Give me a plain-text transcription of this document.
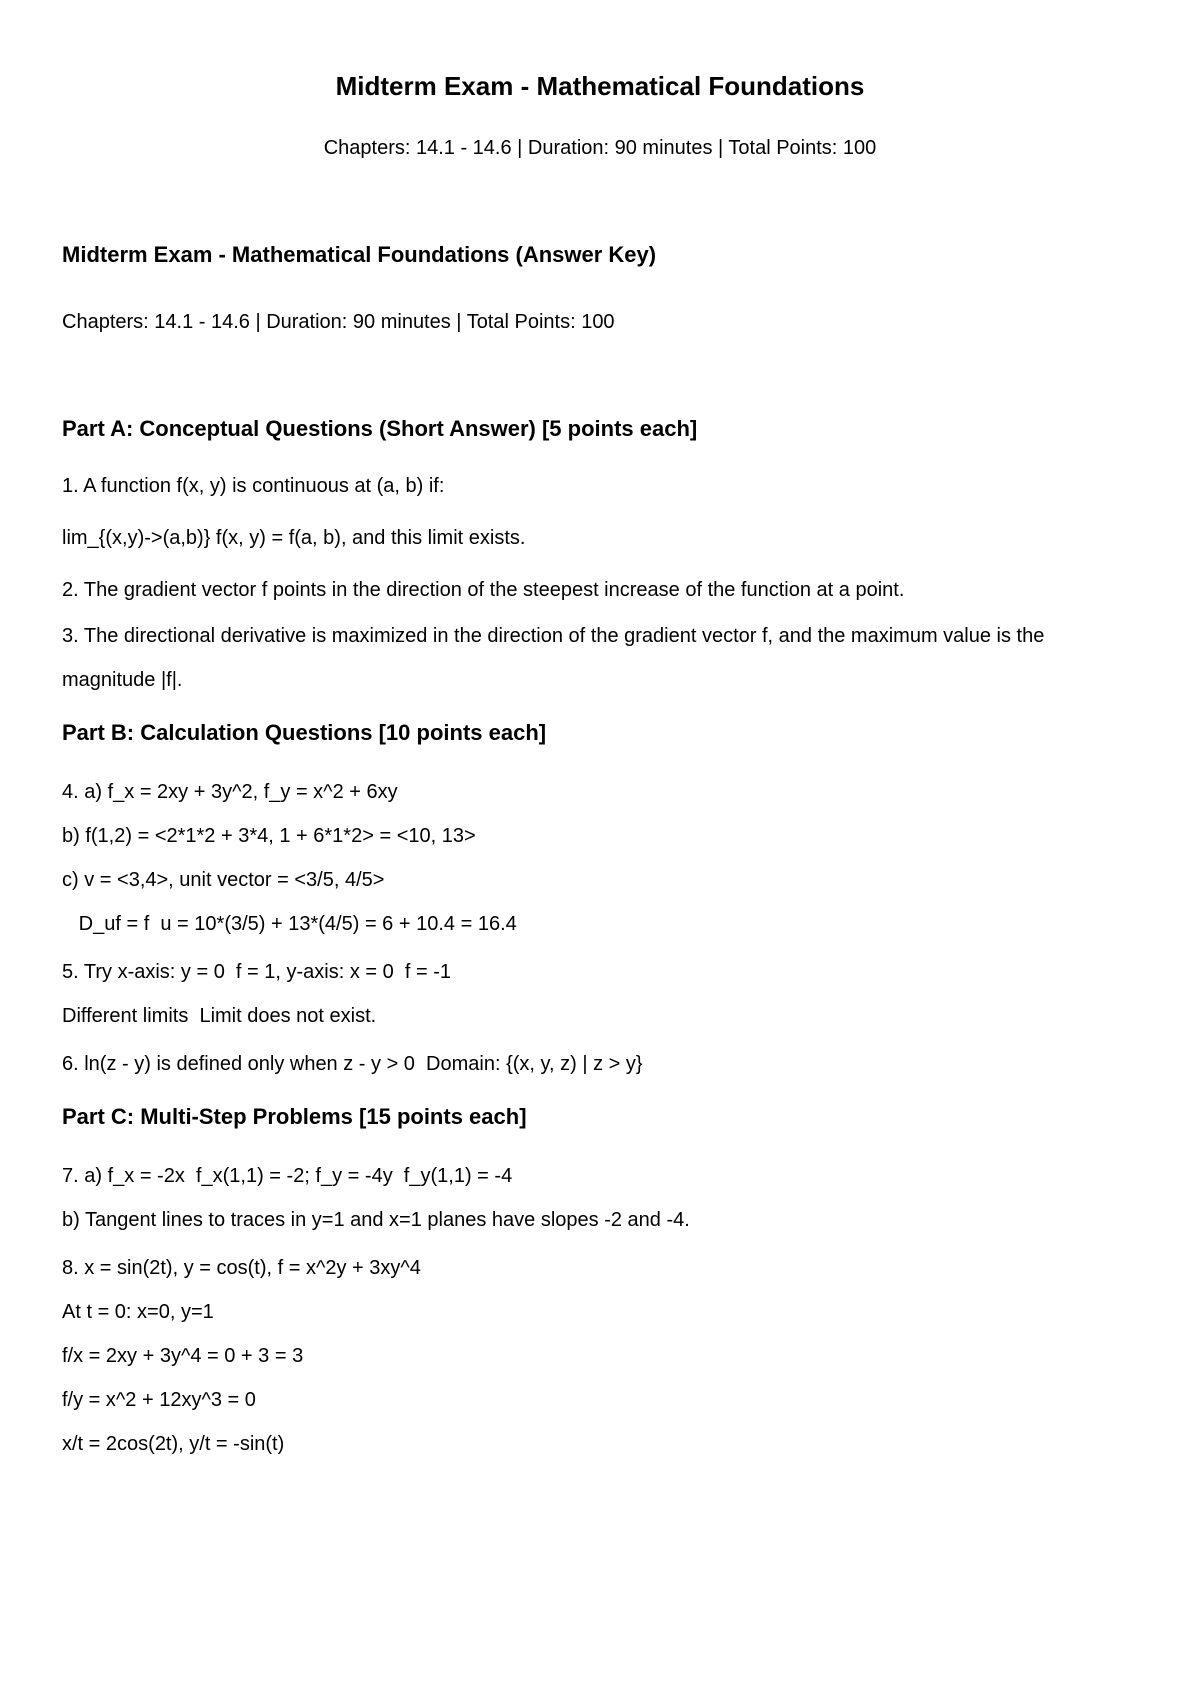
Midterm Exam - Mathematical Foundations

Chapters: 14.1 - 14.6 | Duration: 90 minutes | Total Points: 100

Midterm Exam - Mathematical Foundations (Answer Key)

Chapters: 14.1 - 14.6 | Duration: 90 minutes | Total Points: 100

Part A: Conceptual Questions (Short Answer) [5 points each]

1. A function f(x, y) is continuous at (a, b) if:

lim_{(x,y)->(a,b)} f(x, y) = f(a, b), and this limit exists.

2. The gradient vector f points in the direction of the steepest increase of the function at a point.

3. The directional derivative is maximized in the direction of the gradient vector f, and the maximum value is the magnitude |f|.

Part B: Calculation Questions [10 points each]

4. a) f_x = 2xy + 3y^2, f_y = x^2 + 6xy

b) f(1,2) = <2*1*2 + 3*4, 1 + 6*1*2> = <10, 13>

c) v = <3,4>, unit vector = <3/5, 4/5>

D_uf = f  u = 10*(3/5) + 13*(4/5) = 6 + 10.4 = 16.4

5. Try x-axis: y = 0  f = 1, y-axis: x = 0  f = -1

Different limits  Limit does not exist.

6. ln(z - y) is defined only when z - y > 0  Domain: {(x, y, z) | z > y}

Part C: Multi-Step Problems [15 points each]

7. a) f_x = -2x  f_x(1,1) = -2; f_y = -4y  f_y(1,1) = -4

b) Tangent lines to traces in y=1 and x=1 planes have slopes -2 and -4.

8. x = sin(2t), y = cos(t), f = x^2y + 3xy^4

At t = 0: x=0, y=1

f/x = 2xy + 3y^4 = 0 + 3 = 3

f/y = x^2 + 12xy^3 = 0

x/t = 2cos(2t), y/t = -sin(t)
